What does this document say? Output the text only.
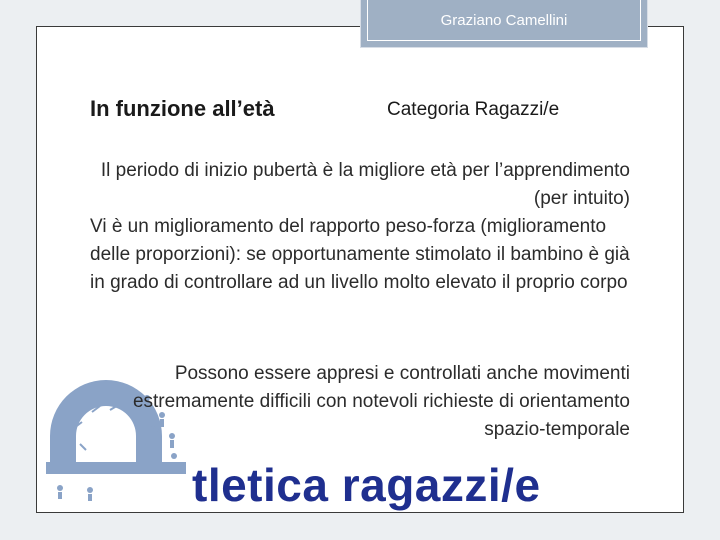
Graziano Camellini
In funzione all’età	Categoria Ragazzi/e
Il periodo di inizio pubertà è la migliore età per l’apprendimento (per intuito)
Vi è un miglioramento del rapporto peso-forza (miglioramento delle proporzioni): se opportunamente stimolato il bambino è già in grado di controllare ad un livello molto elevato il proprio corpo
Possono essere appresi e controllati anche movimenti estremamente difficili con notevoli richieste di orientamento spazio-temporale
tletica ragazzi/e
